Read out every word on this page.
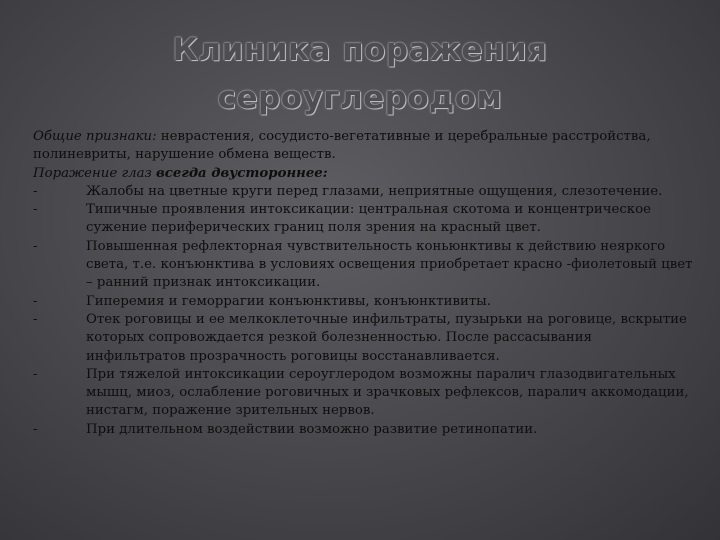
Клиника поражения
сероуглеродом

Общие признаки: неврастения, сосудисто-вегетативные и церебральные расстройства, полиневриты, нарушение обмена веществ.

Поражение глаз всегда двустороннее:

-	Жалобы на цветные круги перед глазами, неприятные ощущения, слезотечение.
-	Типичные проявления интоксикации: центральная скотома и концентрическое сужение периферических границ поля зрения на красный цвет.
-	Повышенная рефлекторная чувствительность коньюнктивы к действию неяркого света, т.е. конъюнктива в условиях освещения приобретает красно -фиолетовый цвет – ранний признак интоксикации.
-	Гиперемия и геморрагии конъюнктивы, конъюнктивиты.
-	Отек роговицы и ее мелкоклеточные инфильтраты, пузырьки на роговице, вскрытие которых сопровождается резкой болезненностью. После рассасывания инфильтратов прозрачность роговицы восстанавливается.
-	При тяжелой интоксикации сероуглеродом возможны паралич глазодвигательных мышц, миоз, ослабление роговичных и зрачковых рефлексов, паралич аккомодации, нистагм, поражение зрительных нервов.
-	При длительном воздействии возможно развитие ретинопатии.
